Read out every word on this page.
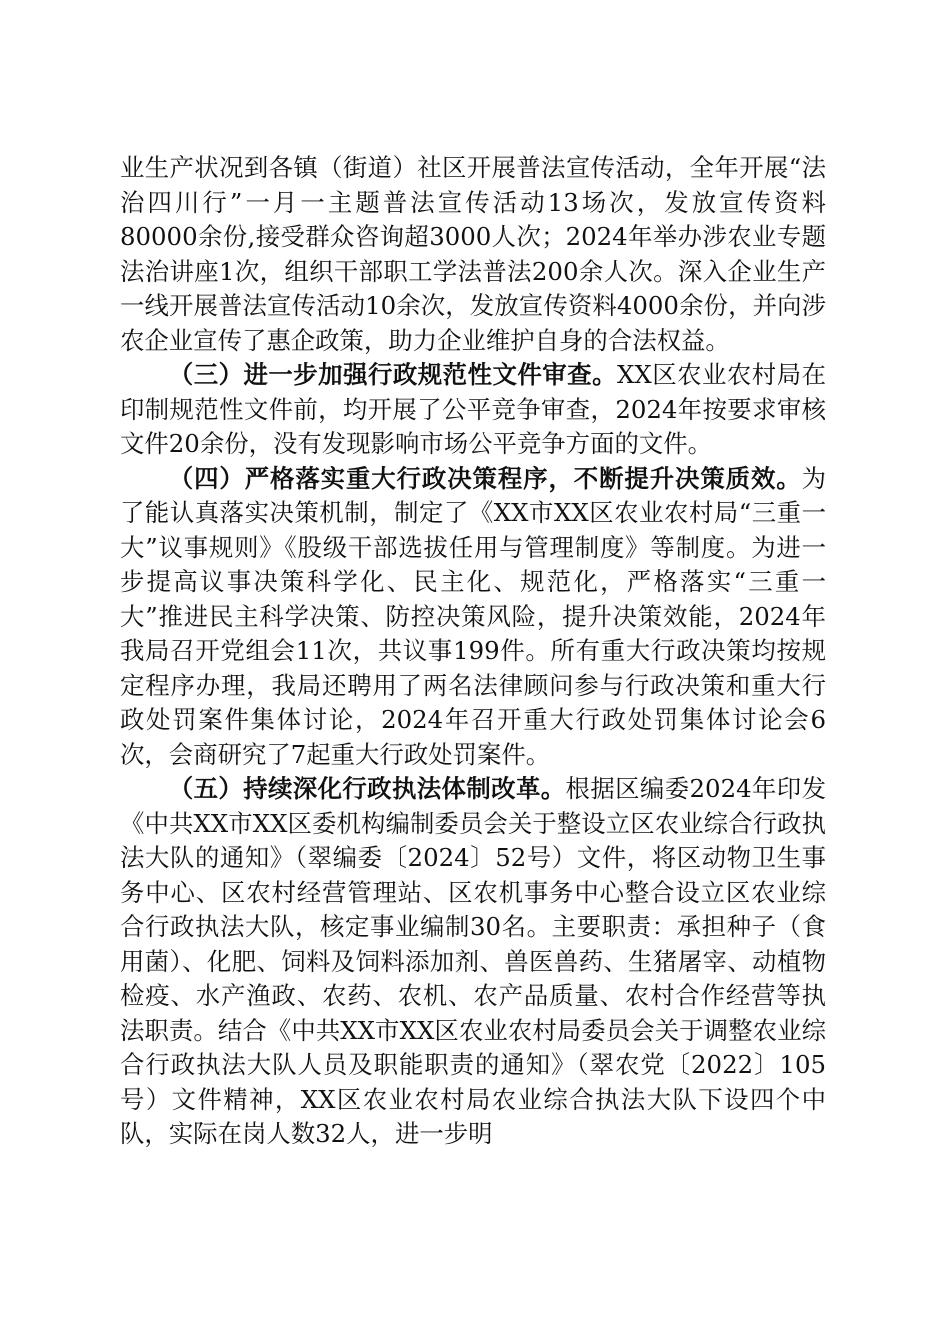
业生产状况到各镇（街道）社区开展普法宣传活动，全年开展“法治四川行”一月一主题普法宣传活动13场次，发放宣传资料80000余份,接受群众咨询超3000人次；2024年举办涉农业专题法治讲座1次，组织干部职工学法普法200余人次。深入企业生产一线开展普法宣传活动10余次，发放宣传资料4000余份，并向涉农企业宣传了惠企政策，助力企业维护自身的合法权益。

（三）进一步加强行政规范性文件审查。XX区农业农村局在印制规范性文件前，均开展了公平竞争审查，2024年按要求审核文件20余份，没有发现影响市场公平竞争方面的文件。

（四）严格落实重大行政决策程序，不断提升决策质效。为了能认真落实决策机制，制定了《XX市XX区农业农村局“三重一大”议事规则》《股级干部选拔任用与管理制度》等制度。为进一步提高议事决策科学化、民主化、规范化，严格落实“三重一大”推进民主科学决策、防控决策风险，提升决策效能，2024年我局召开党组会11次，共议事199件。所有重大行政决策均按规定程序办理，我局还聘用了两名法律顾问参与行政决策和重大行政处罚案件集体讨论，2024年召开重大行政处罚集体讨论会6次，会商研究了7起重大行政处罚案件。

（五）持续深化行政执法体制改革。根据区编委2024年印发《中共XX市XX区委机构编制委员会关于整设立区农业综合行政执法大队的通知》（翠编委〔2024〕52号）文件，将区动物卫生事务中心、区农村经营管理站、区农机事务中心整合设立区农业综合行政执法大队，核定事业编制30名。主要职责：承担种子（食用菌）、化肥、饲料及饲料添加剂、兽医兽药、生猪屠宰、动植物检疫、水产渔政、农药、农机、农产品质量、农村合作经营等执法职责。结合《中共XX市XX区农业农村局委员会关于调整农业综合行政执法大队人员及职能职责的通知》（翠农党〔2022〕105号）文件精神，XX区农业农村局农业综合执法大队下设四个中队，实际在岗人数32人，进一步明
